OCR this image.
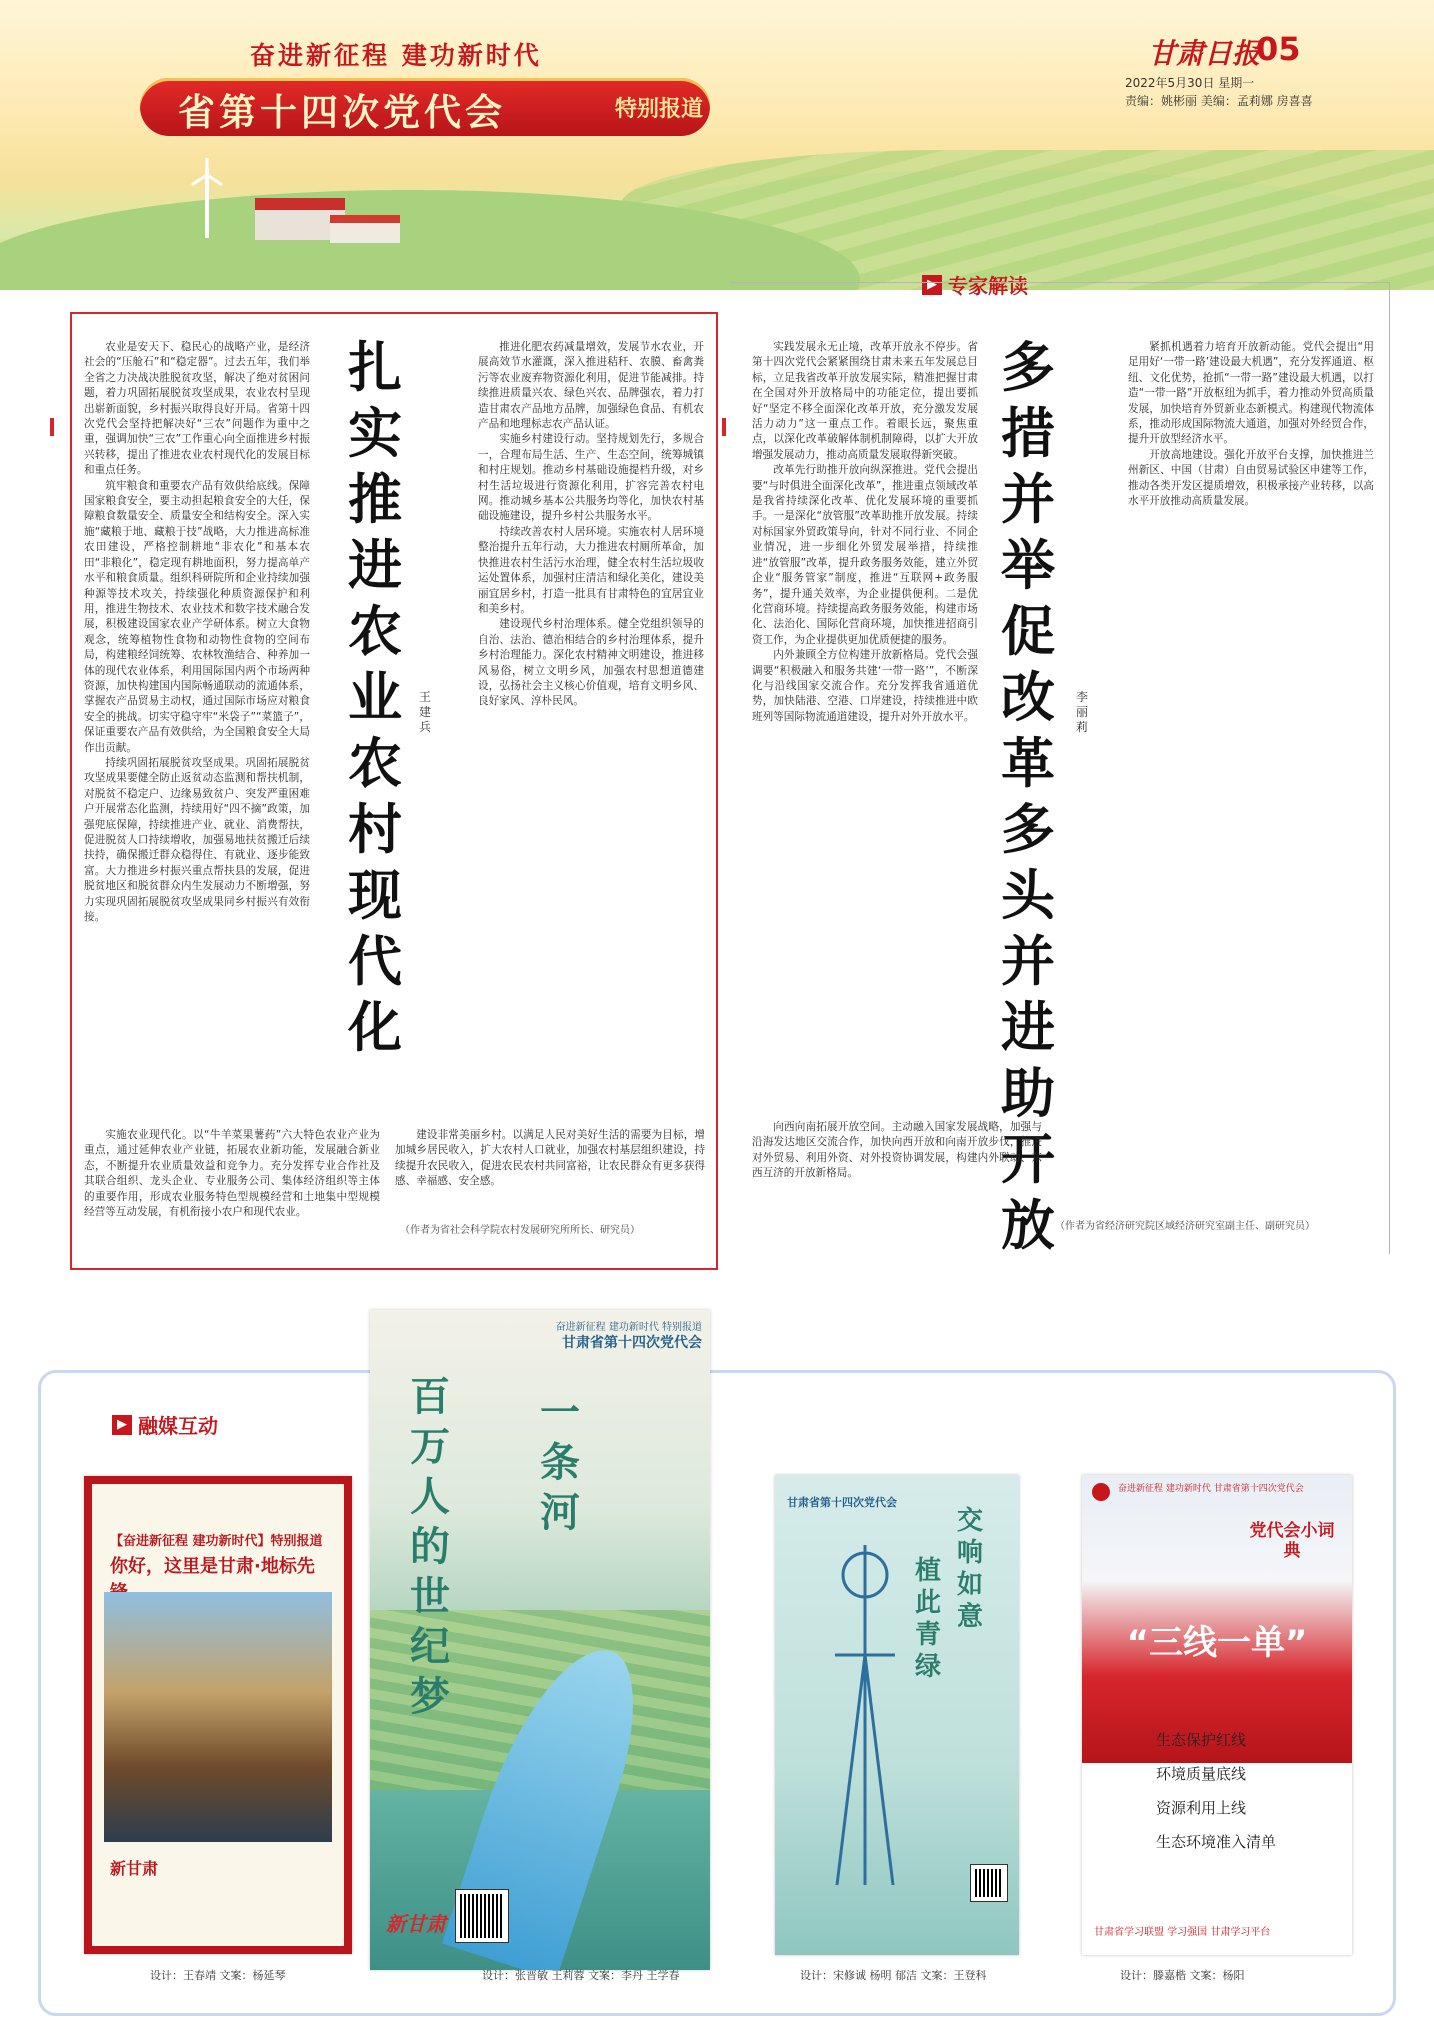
奋进新征程 建功新时代
省第十四次党代会	特别报道
甘肃日报
05
2022年5月30日 星期一
责编：姚彬丽 美编：孟莉娜 房喜喜
▶ 专家解读
扎实推进农业农村现代化
王建兵

农业是安天下、稳民心的战略产业，是经济社会的“压舱石”和“稳定器”。过去五年，我们举全省之力决战决胜脱贫攻坚，解决了绝对贫困问题，着力巩固拓展脱贫攻坚成果，农业农村呈现出崭新面貌，乡村振兴取得良好开局。省第十四次党代会坚持把解决好“三农”问题作为重中之重，强调加快“三农”工作重心向全面推进乡村振兴转移，提出了推进农业农村现代化的发展目标和重点任务。

筑牢粮食和重要农产品有效供给底线。保障国家粮食安全，要主动担起粮食安全的大任，保障粮食数量安全、质量安全和结构安全。深入实施“藏粮于地、藏粮于技”战略，大力推进高标准农田建设，严格控制耕地“非农化”和基本农田“非粮化”，稳定现有耕地面积，努力提高单产水平和粮食质量。组织科研院所和企业持续加强种源等技术攻关，持续强化种质资源保护和利用，推进生物技术、农业技术和数字技术融合发展，积极建设国家农业产学研体系。树立大食物观念，统筹植物性食物和动物性食物的空间布局，构建粮经饲统筹、农林牧渔结合、种养加一体的现代农业体系，利用国际国内两个市场两种资源，加快构建国内国际畅通联动的流通体系，掌握农产品贸易主动权，通过国际市场应对粮食安全的挑战。切实守稳守牢“米袋子”“菜篮子”，保证重要农产品有效供给，为全国粮食安全大局作出贡献。

持续巩固拓展脱贫攻坚成果。巩固拓展脱贫攻坚成果要健全防止返贫动态监测和帮扶机制，对脱贫不稳定户、边缘易致贫户、突发严重困难户开展常态化监测，持续用好“四不摘”政策，加强兜底保障，持续推进产业、就业、消费帮扶，促进脱贫人口持续增收，加强易地扶贫搬迁后续扶持，确保搬迁群众稳得住、有就业、逐步能致富。大力推进乡村振兴重点帮扶县的发展，促进脱贫地区和脱贫群众内生发展动力不断增强，努力实现巩固拓展脱贫攻坚成果同乡村振兴有效衔接。

实施农业现代化。以“牛羊菜果薯药”六大特色农业产业为重点，通过延伸农业产业链，拓展农业新功能，发展融合新业态，不断提升农业质量效益和竞争力。充分发挥专业合作社及其联合组织、龙头企业、专业服务公司、集体经济组织等主体的重要作用，形成农业服务特色型规模经营和土地集中型规模经营等互动发展，有机衔接小农户和现代农业。

推进化肥农药减量增效，发展节水农业，开展高效节水灌溉，深入推进秸秆、农膜、畜禽粪污等农业废弃物资源化利用，促进节能减排。持续推进质量兴农、绿色兴农、品牌强农，着力打造甘肃农产品地方品牌，加强绿色食品、有机农产品和地理标志农产品认证。

实施乡村建设行动。坚持规划先行，多规合一，合理布局生活、生产、生态空间，统筹城镇和村庄规划。推动乡村基础设施提档升级，对乡村生活垃圾进行资源化利用，扩容完善农村电网。推动城乡基本公共服务均等化，加快农村基础设施建设，提升乡村公共服务水平。

持续改善农村人居环境。实施农村人居环境整治提升五年行动，大力推进农村厕所革命，加快推进农村生活污水治理，健全农村生活垃圾收运处置体系，加强村庄清洁和绿化美化，建设美丽宜居乡村，打造一批具有甘肃特色的宜居宜业和美乡村。

建设现代乡村治理体系。健全党组织领导的自治、法治、德治相结合的乡村治理体系，提升乡村治理能力。深化农村精神文明建设，推进移风易俗，树立文明乡风，加强农村思想道德建设，弘扬社会主义核心价值观，培育文明乡风、良好家风、淳朴民风。

建设非常美丽乡村。以满足人民对美好生活的需要为目标，增加城乡居民收入，扩大农村人口就业，加强农村基层组织建设，持续提升农民收入，促进农民农村共同富裕，让农民群众有更多获得感、幸福感、安全感。

（作者为省社会科学院农村发展研究所所长、研究员）
多措并举促改革 多头并进助开放
李丽莉

实践发展永无止境，改革开放永不停步。省第十四次党代会紧紧围绕甘肃未来五年发展总目标，立足我省改革开放发展实际，精准把握甘肃在全国对外开放格局中的功能定位，提出要抓好“坚定不移全面深化改革开放，充分激发发展活力动力”这一重点工作。着眼长远，聚焦重点，以深化改革破解体制机制障碍，以扩大开放增强发展动力，推动高质量发展取得新突破。

改革先行助推开放向纵深推进。党代会提出要“与时俱进全面深化改革”，推进重点领域改革是我省持续深化改革、优化发展环境的重要抓手。一是深化“放管服”改革助推开放发展。持续对标国家外贸政策导向，针对不同行业、不同企业情况，进一步细化外贸发展举措，持续推进“放管服”改革，提升政务服务效能，建立外贸企业“服务管家”制度，推进“互联网+政务服务”，提升通关效率，为企业提供便利。二是优化营商环境。持续提高政务服务效能，构建市场化、法治化、国际化营商环境，加快推进招商引资工作，为企业提供更加优质便捷的服务。

内外兼顾全方位构建开放新格局。党代会强调要“积极融入和服务共建‘一带一路’”，不断深化与沿线国家交流合作。充分发挥我省通道优势，加快陆港、空港、口岸建设，持续推进中欧班列等国际物流通道建设，提升对外开放水平。

向西向南拓展开放空间。主动融入国家发展战略，加强与沿海发达地区交流合作，加快向西开放和向南开放步伐，推进对外贸易、利用外资、对外投资协调发展，构建内外联动、东西互济的开放新格局。

紧抓机遇着力培育开放新动能。党代会提出“用足用好‘一带一路’建设最大机遇”，充分发挥通道、枢纽、文化优势，抢抓“一带一路”建设最大机遇，以打造“一带一路”开放枢纽为抓手，着力推动外贸高质量发展，加快培育外贸新业态新模式。构建现代物流体系，推动形成国际物流大通道，加强对外经贸合作，提升开放型经济水平。

开放高地建设。强化开放平台支撑，加快推进兰州新区、中国（甘肃）自由贸易试验区申建等工作，推动各类开发区提质增效，积极承接产业转移，以高水平开放推动高质量发展。

（作者为省经济研究院区域经济研究室副主任、副研究员）
▶ 融媒互动
【奋进新征程 建功新时代】特别报道
你好，这里是甘肃·地标先
新甘肃
设计：王春靖 文案：杨延琴
奋进新征程 建功新时代 特别报道
甘肃省第十四次党代会
百万人的世纪梦
一条河
新甘肃
设计：张晋敏 王莉蓉 文案：李丹 王学春
甘肃省第十四次党代会
交响如意
植此青绿
设计：宋修诚 杨明 郁洁 文案：王登科
奋进新征程 建功新时代 甘肃省第十四次党代会
党代会小词典
“三线一单”
生态保护红线
环境质量底线
资源利用上线
生态环境准入清单
甘肃省学习联盟 学习强国 甘肃学习平台
设计：滕嘉楷 文案：杨阳
